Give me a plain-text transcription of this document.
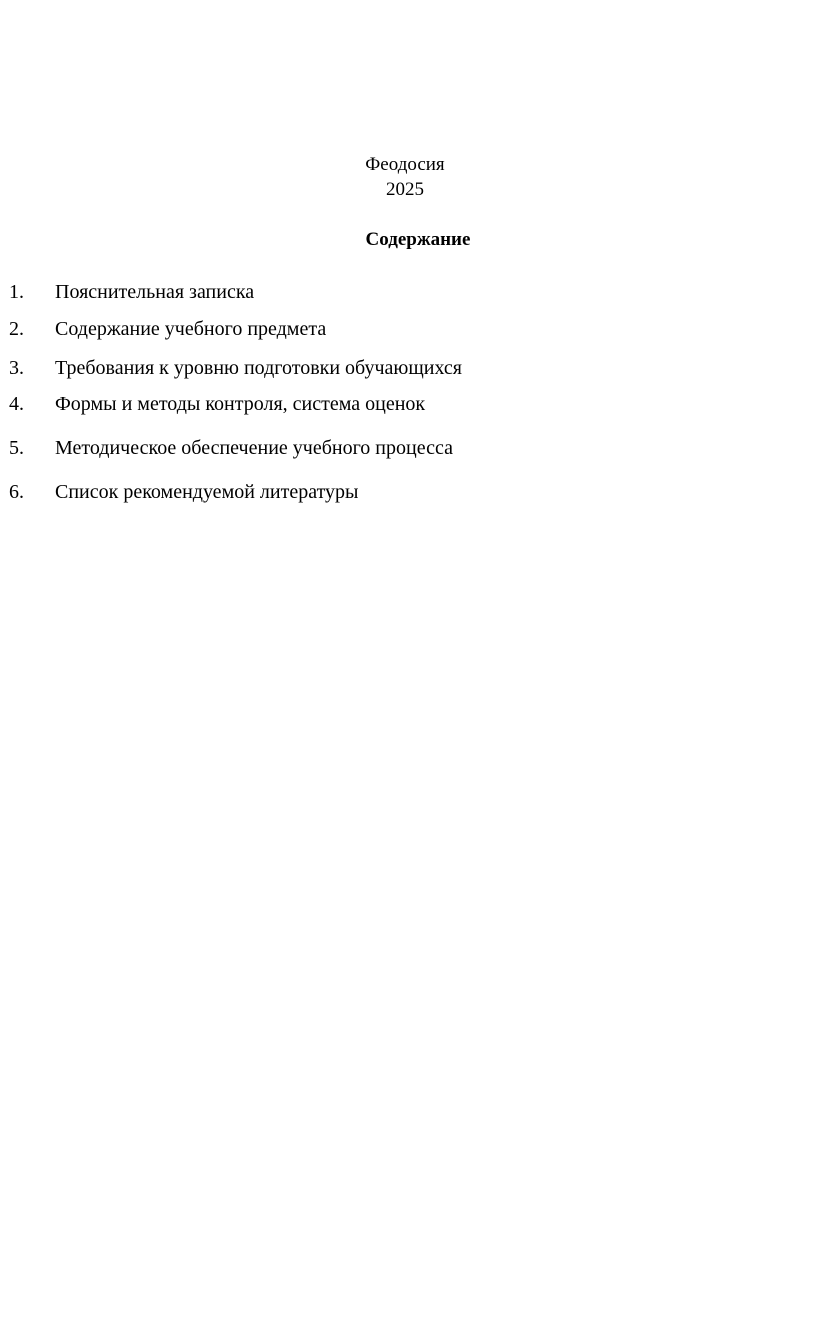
Феодосия
2025
Содержание
1. Пояснительная записка
2. Содержание учебного предмета
3. Требования к уровню подготовки обучающихся
4. Формы и методы контроля, система оценок
5. Методическое обеспечение учебного процесса
6. Список рекомендуемой литературы
